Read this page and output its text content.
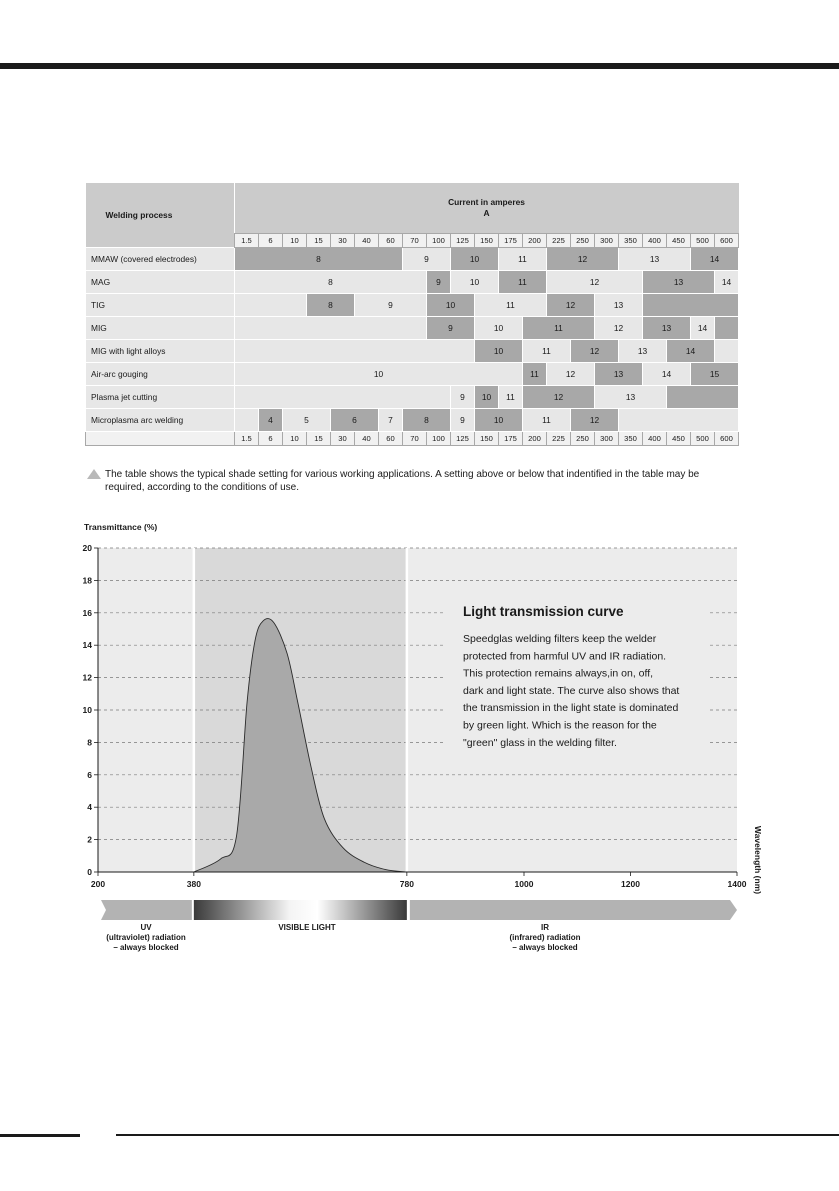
Welding process	Current in amperes
A																				
	1.5	6	10	15	30	40	60	70	100	125	150	175	200	225	250	300	350	400	450	500	600
MMAW (covered electrodes)	8							9		10		11		12			13			14	
MAG	8								9	10		11		12				13			14
TIG				8		9			10		11			12		13					
MIG									9		10		11			12		13		14	
MIG with light alloys											10		11		12		13		14		
Air-arc gouging	10												11	12		13		14		15	
Plasma jet cutting										9	10	11	12			13					
Microplasma arc welding		4	5		6		7	8		9	10		11		12						
	1.5	6	10	15	30	40	60	70	100	125	150	175	200	225	250	300	350	400	450	500	600
The table shows the typical shade setting for various working applications. A setting above or below that indentified in the table may be required, according to the conditions of use.
0
2
4
6
8
10
12
14
16
18
20
200	380	780	1000	1200	1400
Transmittance (%)
Wavelength (nm)
Light transmission curve
Speedglas welding filters keep the welder
protected from harmful UV and IR radiation.
This protection remains always,in on, off,
dark and light state. The curve also shows that
the transmission in the light state is dominated
by green light. Which is the reason for the
"green" glass in the welding filter.
UV
(ultraviolet) radiation
– always blocked
VISIBLE LIGHT	IR
(infrared) radiation
– always blocked
